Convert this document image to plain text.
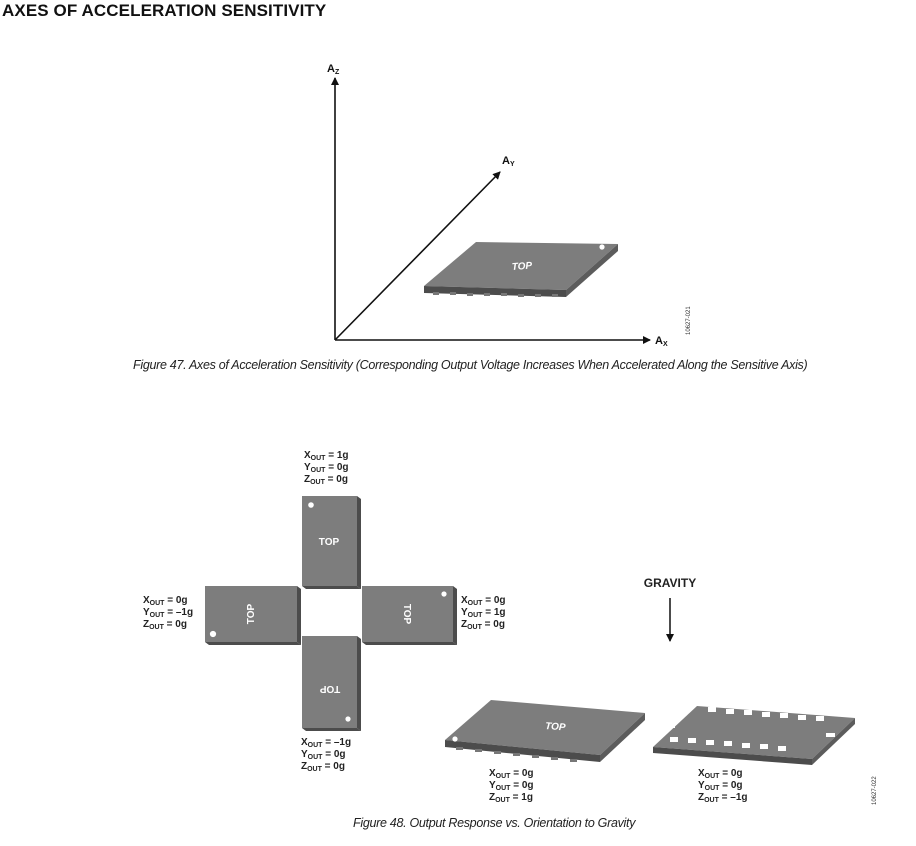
AXES OF ACCELERATION SENSITIVITY
AZ
AY
AX
TOP
10627-021
TOP
TOP	TOP
TOP
$X_{OUT} = 1g$
$Y_{OUT} = 0g$
$Z_{OUT} = 0g$
$X_{OUT} = 0g$
$Y_{OUT} = -1g$
$Z_{OUT} = 0g$
$X_{OUT} = 0g$
$Y_{OUT} = 1g$
$Z_{OUT} = 0g$
$X_{OUT} = -1g$
$Y_{OUT} = 0g$
$Z_{OUT} = 0g$
GRAVITY
TOP
$X_{OUT} = 0g$
$Y_{OUT} = 0g$
$Z_{OUT} = 1g$
$X_{OUT} = 0g$
$Y_{OUT} = 0g$
$Z_{OUT} = -1g$	10627-022
Figure 47. Axes of Acceleration Sensitivity (Corresponding Output Voltage Increases When Accelerated Along the Sensitive Axis)
Figure 48. Output Response vs. Orientation to Gravity
